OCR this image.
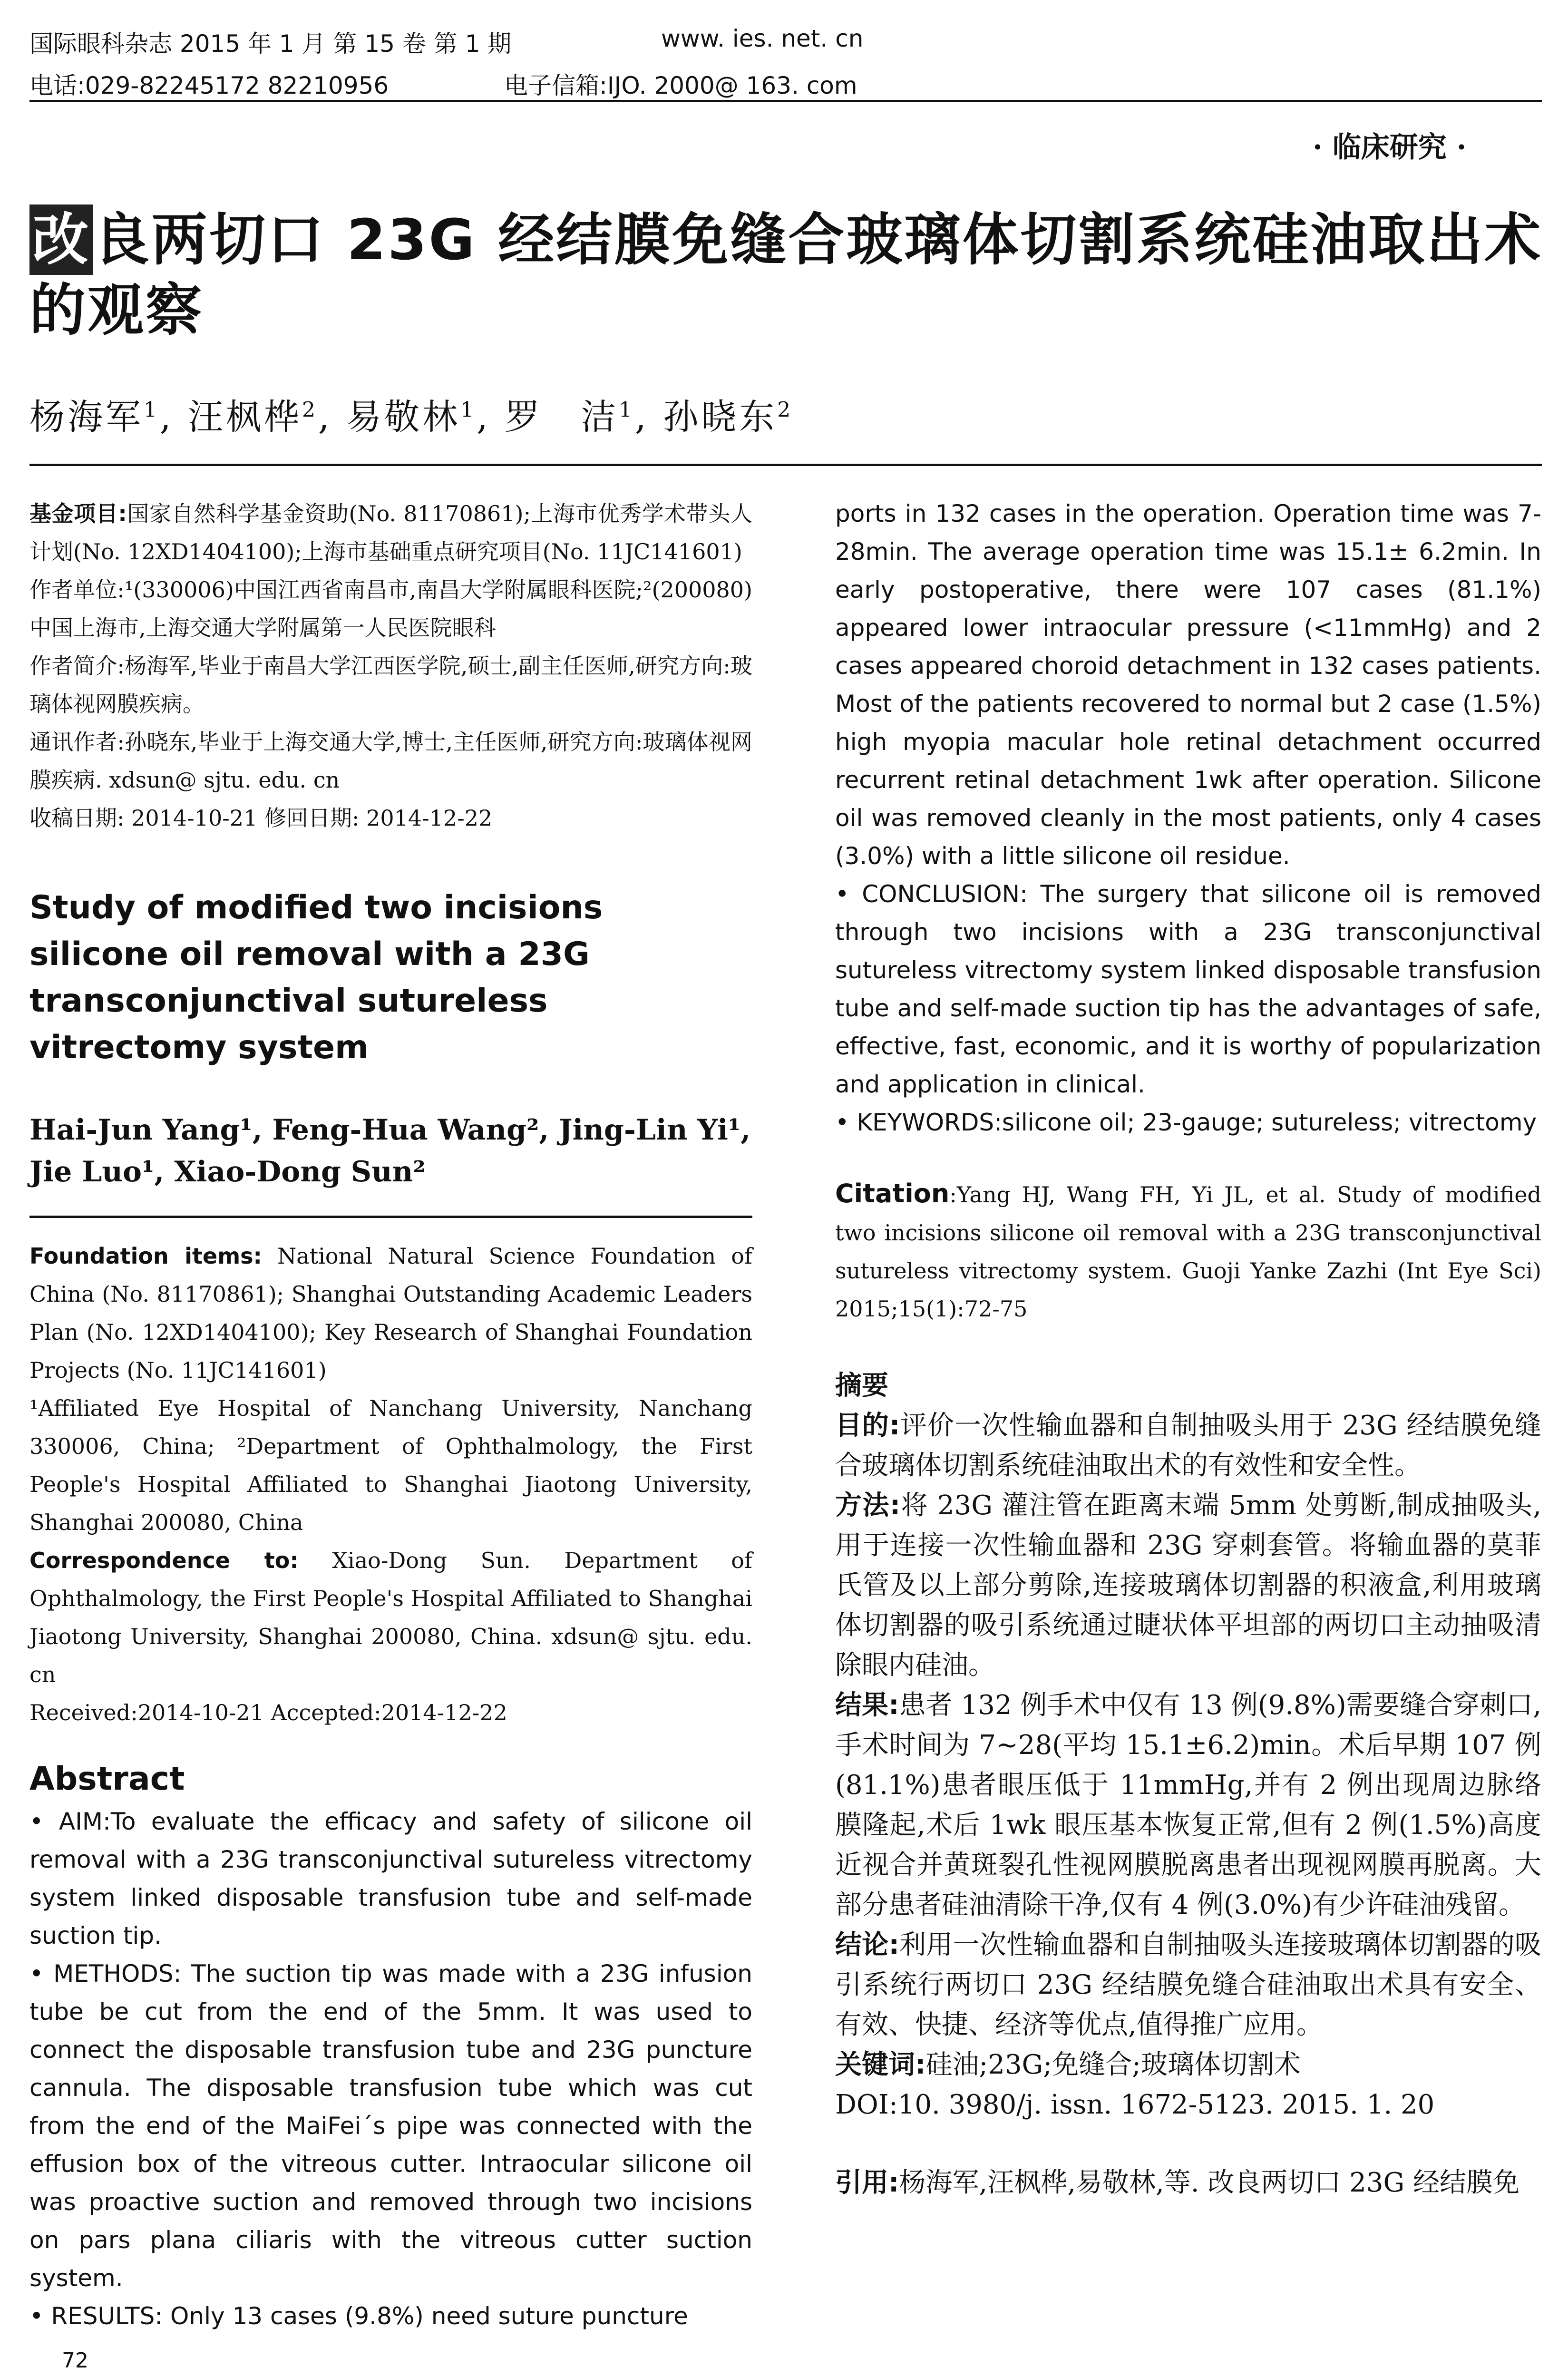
国际眼科杂志 2015 年 1 月 第 15 卷 第 1 期	www. ies. net. cn
电话:029-82245172 82210956	电子信箱:IJO. 2000@ 163. com
· 临床研究 ·
改良两切口 23G 经结膜免缝合玻璃体切割系统硅油取出术的观察
杨海军$^1$, 汪枫桦$^2$, 易敬林$^1$, 罗　洁$^1$, 孙晓东$^2$

基金项目:国家自然科学基金资助(No. 81170861);上海市优秀学术带头人计划(No. 12XD1404100);上海市基础重点研究项目(No. 11JC141601)

作者单位:¹(330006)中国江西省南昌市,南昌大学附属眼科医院;²(200080)中国上海市,上海交通大学附属第一人民医院眼科

作者简介:杨海军,毕业于南昌大学江西医学院,硕士,副主任医师,研究方向:玻璃体视网膜疾病。

通讯作者:孙晓东,毕业于上海交通大学,博士,主任医师,研究方向:玻璃体视网膜疾病. xdsun@ sjtu. edu. cn

收稿日期: 2014-10-21 修回日期: 2014-12-22

Study of modified two incisions silicone oil removal with a 23G transconjunctival sutureless vitrectomy system
Hai-Jun Yang¹, Feng-Hua Wang², Jing-Lin Yi¹, Jie Luo¹, Xiao-Dong Sun²

Foundation items: National Natural Science Foundation of China (No. 81170861); Shanghai Outstanding Academic Leaders Plan (No. 12XD1404100); Key Research of Shanghai Foundation Projects (No. 11JC141601)

¹Affiliated Eye Hospital of Nanchang University, Nanchang 330006, China; ²Department of Ophthalmology, the First People's Hospital Affiliated to Shanghai Jiaotong University, Shanghai 200080, China

Correspondence to: Xiao-Dong Sun. Department of Ophthalmology, the First People's Hospital Affiliated to Shanghai Jiaotong University, Shanghai 200080, China. xdsun@ sjtu. edu. cn

Received:2014-10-21 Accepted:2014-12-22

Abstract

• AIM:To evaluate the efficacy and safety of silicone oil removal with a 23G transconjunctival sutureless vitrectomy system linked disposable transfusion tube and self-made suction tip.

• METHODS: The suction tip was made with a 23G infusion tube be cut from the end of the 5mm. It was used to connect the disposable transfusion tube and 23G puncture cannula. The disposable transfusion tube which was cut from the end of the MaiFei´s pipe was connected with the effusion box of the vitreous cutter. Intraocular silicone oil was proactive suction and removed through two incisions on pars plana ciliaris with the vitreous cutter suction system.

• RESULTS: Only 13 cases (9.8%) need suture puncture

72

ports in 132 cases in the operation. Operation time was 7-28min. The average operation time was 15.1± 6.2min. In early postoperative, there were 107 cases (81.1%) appeared lower intraocular pressure (<11mmHg) and 2 cases appeared choroid detachment in 132 cases patients. Most of the patients recovered to normal but 2 case (1.5%) high myopia macular hole retinal detachment occurred recurrent retinal detachment 1wk after operation. Silicone oil was removed cleanly in the most patients, only 4 cases (3.0%) with a little silicone oil residue.

• CONCLUSION: The surgery that silicone oil is removed through two incisions with a 23G transconjunctival sutureless vitrectomy system linked disposable transfusion tube and self-made suction tip has the advantages of safe, effective, fast, economic, and it is worthy of popularization and application in clinical.

• KEYWORDS:silicone oil; 23-gauge; sutureless; vitrectomy

Citation:Yang HJ, Wang FH, Yi JL, et al. Study of modified two incisions silicone oil removal with a 23G transconjunctival sutureless vitrectomy system. Guoji Yanke Zazhi (Int Eye Sci) 2015;15(1):72-75

摘要

目的:评价一次性输血器和自制抽吸头用于 23G 经结膜免缝合玻璃体切割系统硅油取出术的有效性和安全性。

方法:将 23G 灌注管在距离末端 5mm 处剪断,制成抽吸头,用于连接一次性输血器和 23G 穿刺套管。将输血器的莫菲氏管及以上部分剪除,连接玻璃体切割器的积液盒,利用玻璃体切割器的吸引系统通过睫状体平坦部的两切口主动抽吸清除眼内硅油。

结果:患者 132 例手术中仅有 13 例(9.8%)需要缝合穿刺口,手术时间为 7~28(平均 15.1±6.2)min。术后早期 107 例(81.1%)患者眼压低于 11mmHg,并有 2 例出现周边脉络膜隆起,术后 1wk 眼压基本恢复正常,但有 2 例(1.5%)高度近视合并黄斑裂孔性视网膜脱离患者出现视网膜再脱离。大部分患者硅油清除干净,仅有 4 例(3.0%)有少许硅油残留。

结论:利用一次性输血器和自制抽吸头连接玻璃体切割器的吸引系统行两切口 23G 经结膜免缝合硅油取出术具有安全、有效、快捷、经济等优点,值得推广应用。

关键词:硅油;23G;免缝合;玻璃体切割术

DOI:10. 3980/j. issn. 1672-5123. 2015. 1. 20

引用:杨海军,汪枫桦,易敬林,等. 改良两切口 23G 经结膜免
